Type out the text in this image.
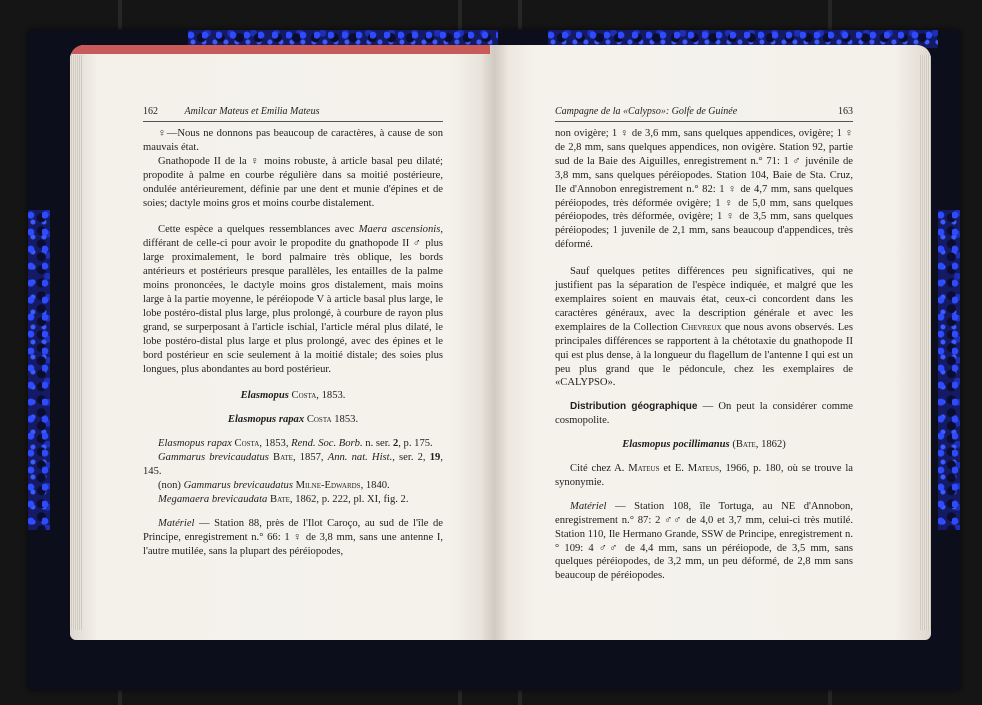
162	Amilcar Mateus et Emilia Mateus	Campagne de la «Calypso»: Golfe de Guinée	163

♀—Nous ne donnons pas beaucoup de caractères, à cause de son mauvais état.

Gnathopode II de la ♀ moins robuste, à article basal peu dilaté; propodite à palme en courbe régulière dans sa moitié postérieure, ondulée antérieurement, définie par une dent et munie d'épines et de soies; dactyle moins gros et moins courbe distalement.

Cette espèce a quelques ressemblances avec Maera ascensionis, différant de celle-ci pour avoir le propodite du gnathopode II ♂ plus large proximalement, le bord palmaire très oblique, les bords antérieurs et postérieurs presque parallèles, les entailles de la palme moins prononcées, le dactyle moins gros distalement, mais moins large à la partie moyenne, le péréiopode V à article basal plus large, le lobe postéro-distal plus large, plus prolongé, à courbure de rayon plus grand, se surperposant à l'article ischial, l'article méral plus dilaté, le lobe postéro-distal plus large et plus prolongé, avec des épines et le bord postérieur en scie seulement à la moitié distale; des soies plus longues, plus abondantes au bord postérieur.

Elasmopus Costa, 1853.

Elasmopus rapax Costa 1853.

Elasmopus rapax Costa, 1853, Rend. Soc. Borb. n. ser. 2, p. 175.

Gammarus brevicaudatus Bate, 1857, Ann. nat. Hist., ser. 2, 19, 145.

(non) Gammarus brevicaudatus Milne-Edwards, 1840.

Megamaera brevicaudata Bate, 1862, p. 222, pl. XI, fig. 2.

Matériel — Station 88, près de l'Ilot Caroço, au sud de l'île de Principe, enregistrement n.° 66: 1 ♀ de 3,8 mm, sans une antenne I, l'autre mutilée, sans la plupart des péréiopodes,

non ovigère; 1 ♀ de 3,6 mm, sans quelques appendices, ovigère; 1 ♀ de 2,8 mm, sans quelques appendices, non ovigère. Station 92, partie sud de la Baie des Aiguilles, enregistrement n.° 71: 1 ♂ juvénile de 3,8 mm, sans quelques péréiopodes. Station 104, Baie de Sta. Cruz, Ile d'Annobon enregistrement n.° 82: 1 ♀ de 4,7 mm, sans quelques péréiopodes, très déformée ovigère; 1 ♀ de 5,0 mm, sans quelques péréiopodes, très déformée, ovigère; 1 ♀ de 3,5 mm, sans quelques péréiopodes; 1 juvenile de 2,1 mm, sans beaucoup d'appendices, très déformé.

Sauf quelques petites différences peu significatives, qui ne justifient pas la séparation de l'espèce indiquée, et malgré que les exemplaires soient en mauvais état, ceux-ci concordent dans les caractères généraux, avec la description générale et avec les exemplaires de la Collection Chevreux que nous avons observés. Les principales différences se rapportent à la chétotaxie du gnathopode II qui est plus dense, à la longueur du flagellum de l'antenne I qui est un peu plus grand que le pédoncule, chez les exemplaires de «CALYPSO».

Distribution géographique — On peut la considérer comme cosmopolite.

Elasmopus pocillimanus (Bate, 1862)

Cité chez A. Mateus et E. Mateus, 1966, p. 180, où se trouve la synonymie.

Matériel — Station 108, île Tortuga, au NE d'Annobon, enregistrement n.° 87: 2 ♂♂ de 4,0 et 3,7 mm, celui-ci très mutilé. Station 110, Ile Hermano Grande, SSW de Principe, enregistrement n.° 109: 4 ♂♂ de 4,4 mm, sans un péréiopode, de 3,5 mm, sans quelques péréiopodes, de 3,2 mm, un peu déformé, de 2,8 mm sans beaucoup de péréiopodes.
